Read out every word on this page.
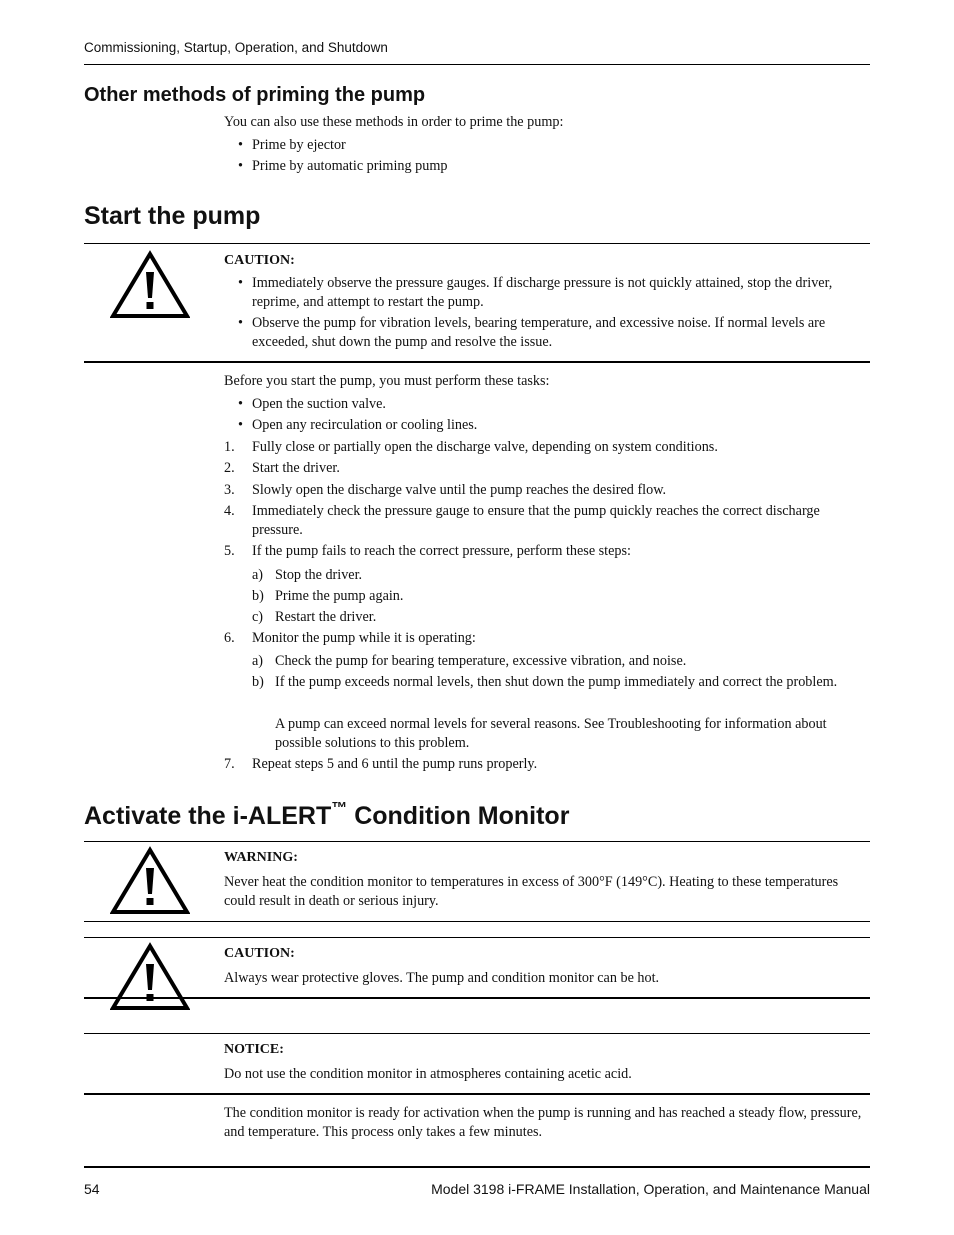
Commissioning, Startup, Operation, and Shutdown
Other methods of priming the pump
You can also use these methods in order to prime the pump:
• Prime by ejector
• Prime by automatic priming pump
Start the pump
CAUTION:
• Immediately observe the pressure gauges. If discharge pressure is not quickly attained, stop the driver, reprime, and attempt to restart the pump.
• Observe the pump for vibration levels, bearing temperature, and excessive noise. If normal levels are exceeded, shut down the pump and resolve the issue.
Before you start the pump, you must perform these tasks:
• Open the suction valve.
• Open any recirculation or cooling lines.
1. Fully close or partially open the discharge valve, depending on system conditions.
2. Start the driver.
3. Slowly open the discharge valve until the pump reaches the desired flow.
4. Immediately check the pressure gauge to ensure that the pump quickly reaches the correct discharge pressure.
5. If the pump fails to reach the correct pressure, perform these steps:
a) Stop the driver.
b) Prime the pump again.
c) Restart the driver.
6. Monitor the pump while it is operating:
a) Check the pump for bearing temperature, excessive vibration, and noise.
b) If the pump exceeds normal levels, then shut down the pump immediately and correct the problem.
A pump can exceed normal levels for several reasons. See Troubleshooting for information about possible solutions to this problem.
7. Repeat steps 5 and 6 until the pump runs properly.
Activate the i-ALERT™ Condition Monitor
WARNING:
Never heat the condition monitor to temperatures in excess of 300°F (149°C). Heating to these temperatures could result in death or serious injury.
CAUTION:
Always wear protective gloves. The pump and condition monitor can be hot.
NOTICE:
Do not use the condition monitor in atmospheres containing acetic acid.
The condition monitor is ready for activation when the pump is running and has reached a steady flow, pressure, and temperature. This process only takes a few minutes.
54	Model 3198 i-FRAME Installation, Operation, and Maintenance Manual
